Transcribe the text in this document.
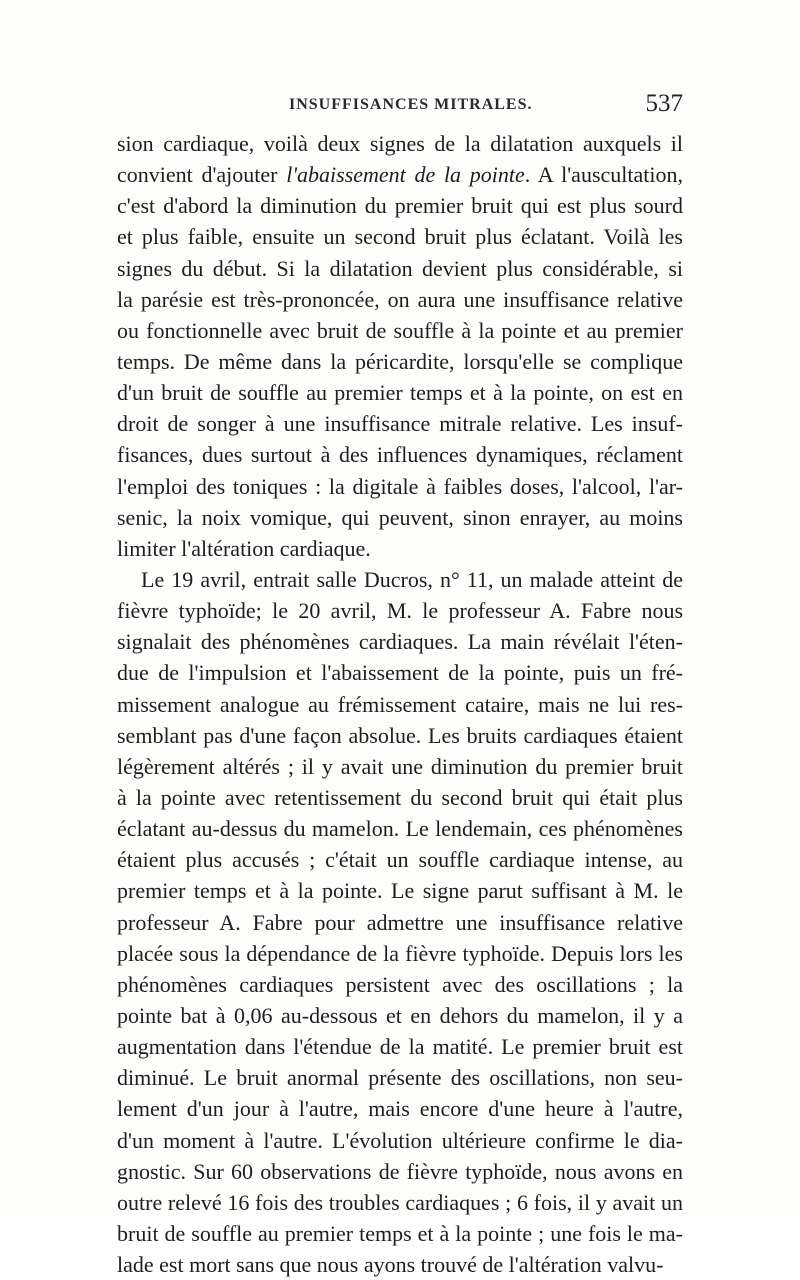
INSUFFISANCES MITRALES.	537
sion cardiaque, voilà deux signes de la dilatation auxquels il
convient d'ajouter l'abaissement de la pointe. A l'auscultation,
c'est d'abord la diminution du premier bruit qui est plus sourd
et plus faible, ensuite un second bruit plus éclatant. Voilà les
signes du début. Si la dilatation devient plus considérable, si
la parésie est très-prononcée, on aura une insuffisance relative
ou fonctionnelle avec bruit de souffle à la pointe et au premier
temps. De même dans la péricardite, lorsqu'elle se complique
d'un bruit de souffle au premier temps et à la pointe, on est en
droit de songer à une insuffisance mitrale relative. Les insuf-
fisances, dues surtout à des influences dynamiques, réclament
l'emploi des toniques : la digitale à faibles doses, l'alcool, l'ar-
senic, la noix vomique, qui peuvent, sinon enrayer, au moins
limiter l'altération cardiaque.
Le 19 avril, entrait salle Ducros, n° 11, un malade atteint de
fièvre typhoïde; le 20 avril, M. le professeur A. Fabre nous
signalait des phénomènes cardiaques. La main révélait l'éten-
due de l'impulsion et l'abaissement de la pointe, puis un fré-
missement analogue au frémissement cataire, mais ne lui res-
semblant pas d'une façon absolue. Les bruits cardiaques étaient
légèrement altérés ; il y avait une diminution du premier bruit
à la pointe avec retentissement du second bruit qui était plus
éclatant au-dessus du mamelon. Le lendemain, ces phénomènes
étaient plus accusés ; c'était un souffle cardiaque intense, au
premier temps et à la pointe. Le signe parut suffisant à M. le
professeur A. Fabre pour admettre une insuffisance relative
placée sous la dépendance de la fièvre typhoïde. Depuis lors les
phénomènes cardiaques persistent avec des oscillations ; la
pointe bat à 0,06 au-dessous et en dehors du mamelon, il y a
augmentation dans l'étendue de la matité. Le premier bruit est
diminué. Le bruit anormal présente des oscillations, non seu-
lement d'un jour à l'autre, mais encore d'une heure à l'autre,
d'un moment à l'autre. L'évolution ultérieure confirme le dia-
gnostic. Sur 60 observations de fièvre typhoïde, nous avons en
outre relevé 16 fois des troubles cardiaques ; 6 fois, il y avait un
bruit de souffle au premier temps et à la pointe ; une fois le ma-
lade est mort sans que nous ayons trouvé de l'altération valvu-
